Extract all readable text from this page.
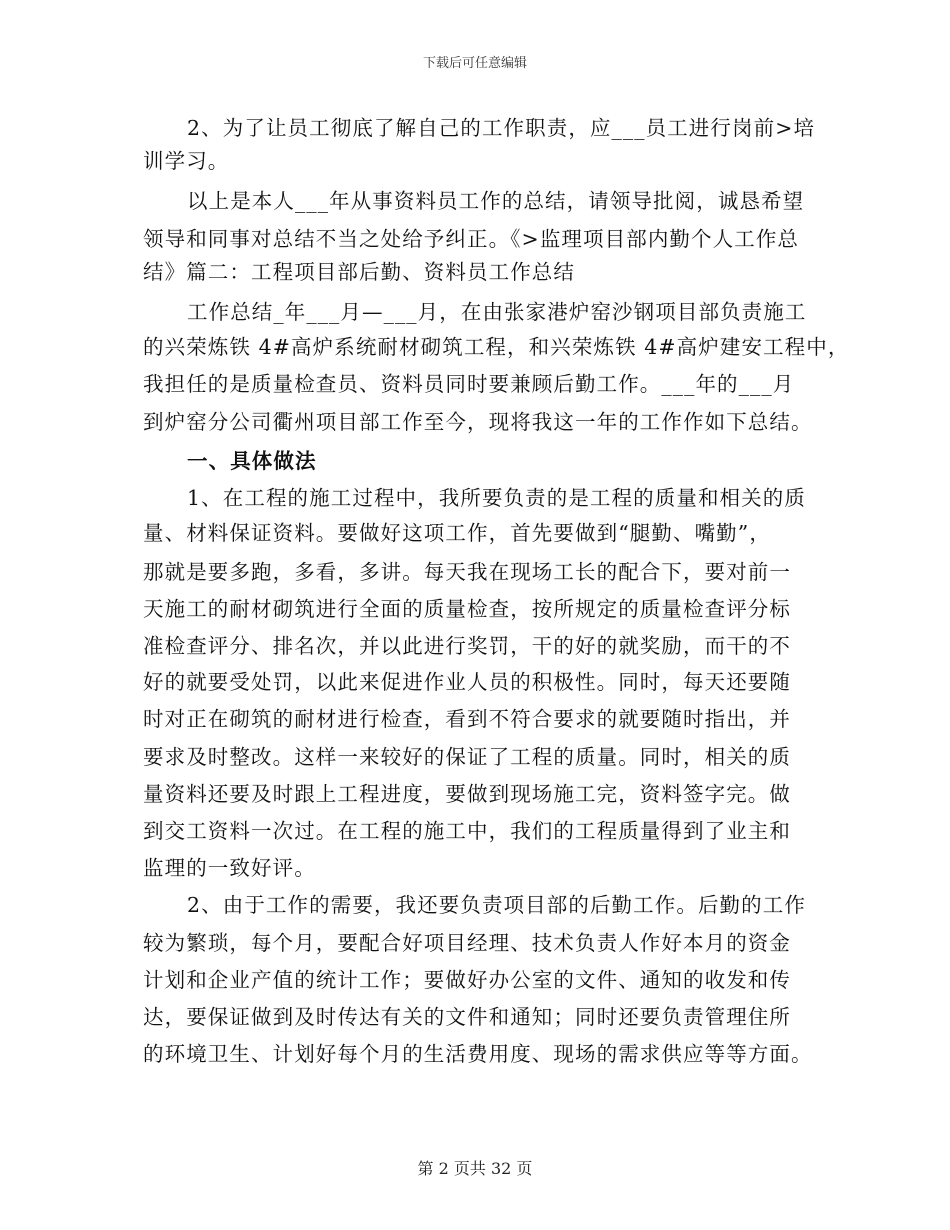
下载后可任意编辑
2、为了让员工彻底了解自己的工作职责，应___员工进行岗前>培
训学习。
以上是本人___年从事资料员工作的总结，请领导批阅，诚恳希望
领导和同事对总结不当之处给予纠正。《>监理项目部内勤个人工作总
结》篇二：工程项目部后勤、资料员工作总结
工作总结_年___月—___月，在由张家港炉窑沙钢项目部负责施工
的兴荣炼铁 4#高炉系统耐材砌筑工程，和兴荣炼铁 4#高炉建安工程中，
我担任的是质量检查员、资料员同时要兼顾后勤工作。___年的___月
到炉窑分公司衢州项目部工作至今，现将我这一年的工作作如下总结。
一、具体做法
1、在工程的施工过程中，我所要负责的是工程的质量和相关的质
量、材料保证资料。要做好这项工作，首先要做到“腿勤、嘴勤”，
那就是要多跑，多看，多讲。每天我在现场工长的配合下，要对前一
天施工的耐材砌筑进行全面的质量检查，按所规定的质量检查评分标
准检查评分、排名次，并以此进行奖罚，干的好的就奖励，而干的不
好的就要受处罚，以此来促进作业人员的积极性。同时，每天还要随
时对正在砌筑的耐材进行检查，看到不符合要求的就要随时指出，并
要求及时整改。这样一来较好的保证了工程的质量。同时，相关的质
量资料还要及时跟上工程进度，要做到现场施工完，资料签字完。做
到交工资料一次过。在工程的施工中，我们的工程质量得到了业主和
监理的一致好评。
2、由于工作的需要，我还要负责项目部的后勤工作。后勤的工作
较为繁琐，每个月，要配合好项目经理、技术负责人作好本月的资金
计划和企业产值的统计工作；要做好办公室的文件、通知的收发和传
达，要保证做到及时传达有关的文件和通知；同时还要负责管理住所
的环境卫生、计划好每个月的生活费用度、现场的需求供应等等方面。
第 2 页共 32 页
